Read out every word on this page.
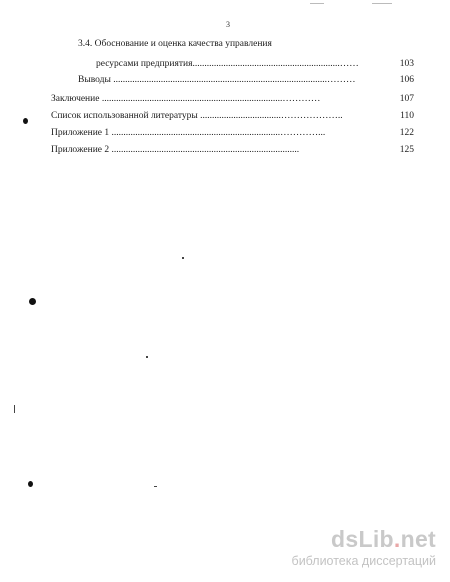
3
3.4. Обоснование и оценка качества управления
ресурсами предприятия..............................................................……	103
Выводы ..........................................................................................………	106
Заключение ............................................................................…………	107
Список использованной литературы ..................................………………..	110
Приложение 1 .......................................................................…………...	122
Приложение 2 ...............................................................................	125
dsLib.net
библиотека диссертаций
